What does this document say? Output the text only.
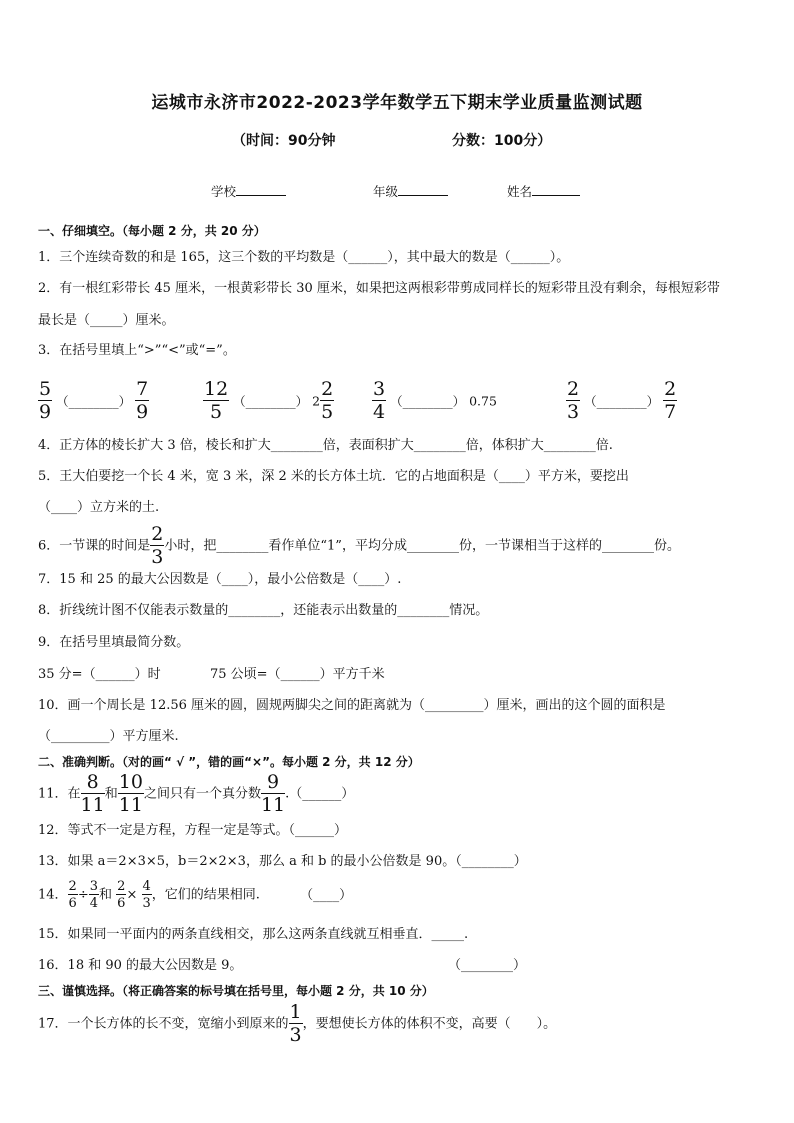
运城市永济市2022-2023学年数学五下期末学业质量监测试题
（时间：90分钟	分数：100分）
学校	年级	姓名
一、仔细填空。（每小题 2 分，共 20 分）
1．三个连续奇数的和是 165，这三个数的平均数是（______），其中最大的数是（______）。
2．有一根红彩带长 45 厘米，一根黄彩带长 30 厘米，如果把这两根彩带剪成同样长的短彩带且没有剩余，每根短彩带
最长是（_____）厘米。
3．在括号里填上“>”“<”或“=”。
$\frac{5}{9}$ （________） $\frac{7}{9}$	$\frac{12}{5}$ （________） $2 \frac{2}{5} \frac{3}{4}$ （________） 0.75	$\frac{2}{3}$ （________） $\frac{2}{7}$
4．正方体的棱长扩大 3 倍，棱长和扩大________倍，表面积扩大________倍，体积扩大________倍.
5．王大伯要挖一个长 4 米，宽 3 米，深 2 米的长方体土坑．它的占地面积是（____）平方米，要挖出
（____）立方米的土.
6．一节课的时间是 $\frac{2}{3}$ 小时，把________看作单位“1”，平均分成________份，一节课相当于这样的________份。
7．15 和 25 的最大公因数是（____），最小公倍数是（____）.
8．折线统计图不仅能表示数量的________，还能表示出数量的________情况。
9．在括号里填最简分数。
35 分=（______）时	75 公顷=（______）平方千米
10．画一个周长是 12.56 厘米的圆，圆规两脚尖之间的距离就为（_________）厘米，画出的这个圆的面积是
（_________）平方厘米.
二、准确判断。（对的画“ √ ”，错的画“×”。每小题 2 分，共 12 分）
11．在 $\frac{8}{11}$ 和 $\frac{10}{11}$ 之间只有一个真分数 $\frac{9}{11}$ .（______）
12．等式不一定是方程，方程一定是等式。（______）
13．如果 a＝2×3×5，b＝2×2×3，那么 a 和 b 的最小公倍数是 90。（________）
14． $\frac{2}{6} \div \frac{3}{4}$ 和 $\frac{2}{6} \times \frac{4}{3}$ ，它们的结果相同.	（____）
15．如果同一平面内的两条直线相交，那么这两条直线就互相垂直．_____.
16．18 和 90 的最大公因数是 9。	（________）
三、谨慎选择。（将正确答案的标号填在括号里，每小题 2 分，共 10 分）
17．一个长方体的长不变，宽缩小到原来的 $\frac{1}{3}$ ，要想使长方体的体积不变，高要（　　）。
